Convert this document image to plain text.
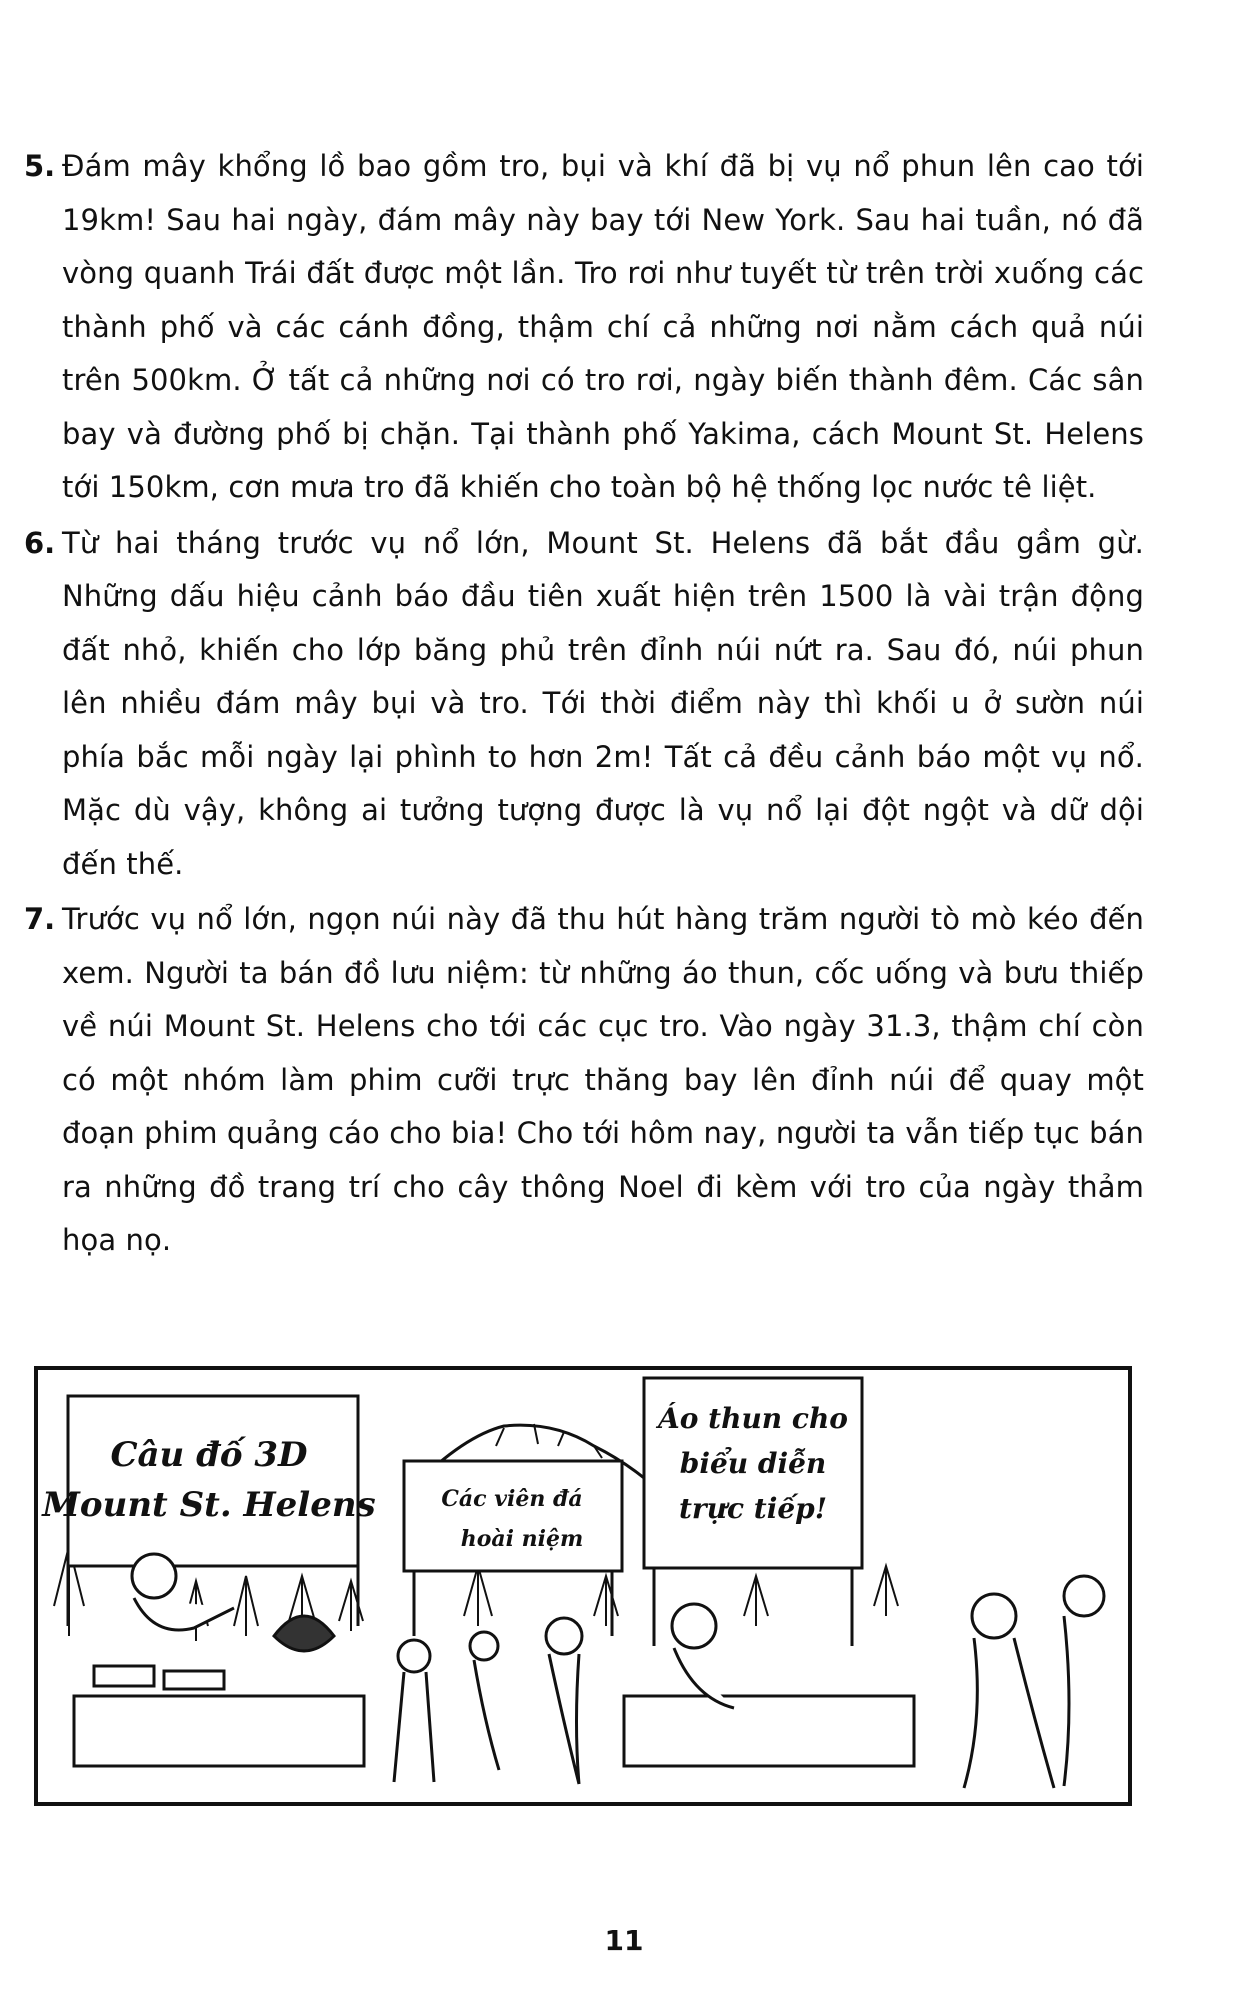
5. Đám mây khổng lồ bao gồm tro, bụi và khí đã bị vụ nổ phun lên cao tới 19km! Sau hai ngày, đám mây này bay tới New York. Sau hai tuần, nó đã vòng quanh Trái đất được một lần. Tro rơi như tuyết từ trên trời xuống các thành phố và các cánh đồng, thậm chí cả những nơi nằm cách quả núi trên 500km. Ở tất cả những nơi có tro rơi, ngày biến thành đêm. Các sân bay và đường phố bị chặn. Tại thành phố Yakima, cách Mount St. Helens tới 150km, cơn mưa tro đã khiến cho toàn bộ hệ thống lọc nước tê liệt.
6. Từ hai tháng trước vụ nổ lớn, Mount St. Helens đã bắt đầu gầm gừ. Những dấu hiệu cảnh báo đầu tiên xuất hiện trên 1500 là vài trận động đất nhỏ, khiến cho lớp băng phủ trên đỉnh núi nứt ra. Sau đó, núi phun lên nhiều đám mây bụi và tro. Tới thời điểm này thì khối u ở sườn núi phía bắc mỗi ngày lại phình to hơn 2m! Tất cả đều cảnh báo một vụ nổ. Mặc dù vậy, không ai tưởng tượng được là vụ nổ lại đột ngột và dữ dội đến thế.
7. Trước vụ nổ lớn, ngọn núi này đã thu hút hàng trăm người tò mò kéo đến xem. Người ta bán đồ lưu niệm: từ những áo thun, cốc uống và bưu thiếp về núi Mount St. Helens cho tới các cục tro. Vào ngày 31.3, thậm chí còn có một nhóm làm phim cưỡi trực thăng bay lên đỉnh núi để quay một đoạn phim quảng cáo cho bia! Cho tới hôm nay, người ta vẫn tiếp tục bán ra những đồ trang trí cho cây thông Noel đi kèm với tro của ngày thảm họa nọ.
Câu đố 3D
Mount St. Helens	Các viên đá
hoài niệm
Áo thun cho
biểu diễn
trực tiếp!
11
